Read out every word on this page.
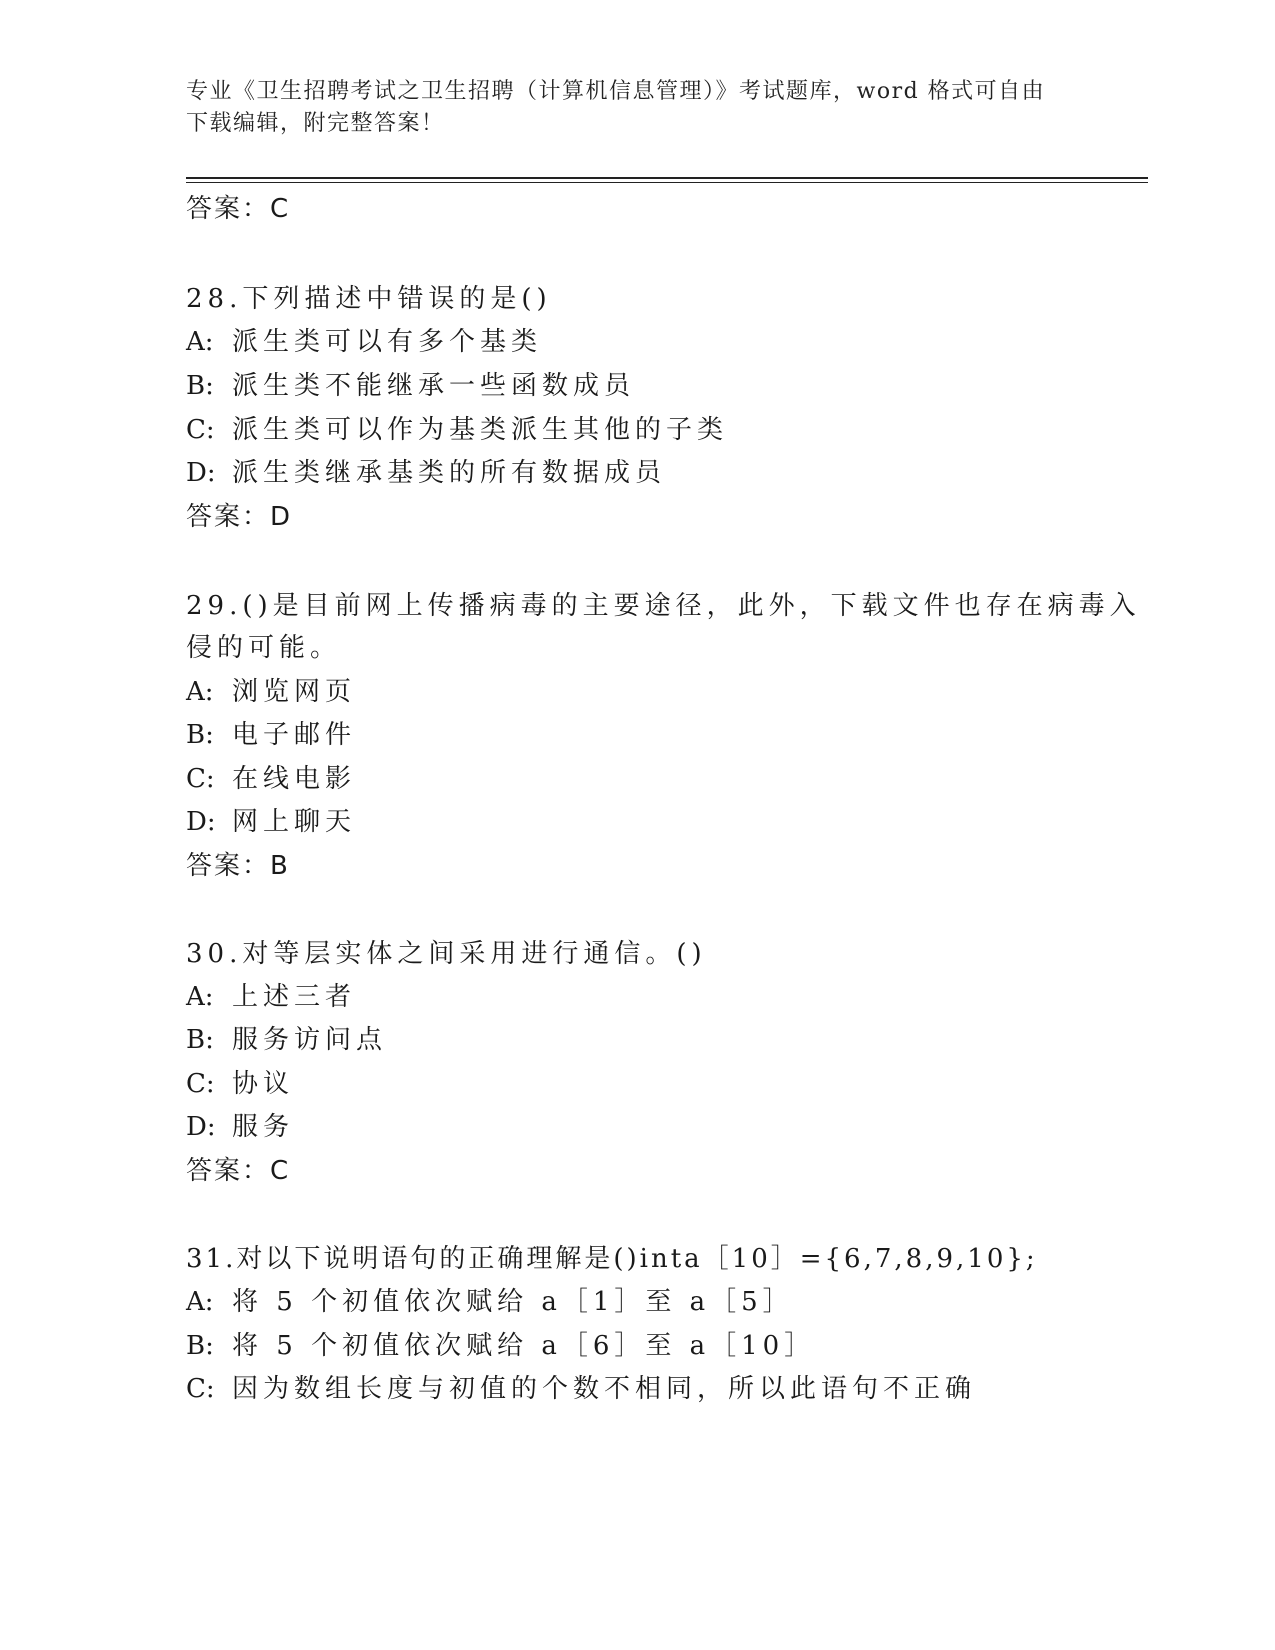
专业《卫生招聘考试之卫生招聘（计算机信息管理）》考试题库，word 格式可自由下载编辑，附完整答案！
答案：C
28.下列描述中错误的是()
A: 派生类可以有多个基类
B: 派生类不能继承一些函数成员
C: 派生类可以作为基类派生其他的子类
D: 派生类继承基类的所有数据成员
答案：D
29.()是目前网上传播病毒的主要途径，此外，下载文件也存在病毒入
侵的可能。
A: 浏览网页
B: 电子邮件
C: 在线电影
D: 网上聊天
答案：B
30.对等层实体之间采用进行通信。()
A: 上述三者
B: 服务访问点
C: 协议
D: 服务
答案：C
31.对以下说明语句的正确理解是()inta［10］={6,7,8,9,10};
A: 将 5 个初值依次赋给 a［1］至 a［5］
B: 将 5 个初值依次赋给 a［6］至 a［10］
C: 因为数组长度与初值的个数不相同，所以此语句不正确
